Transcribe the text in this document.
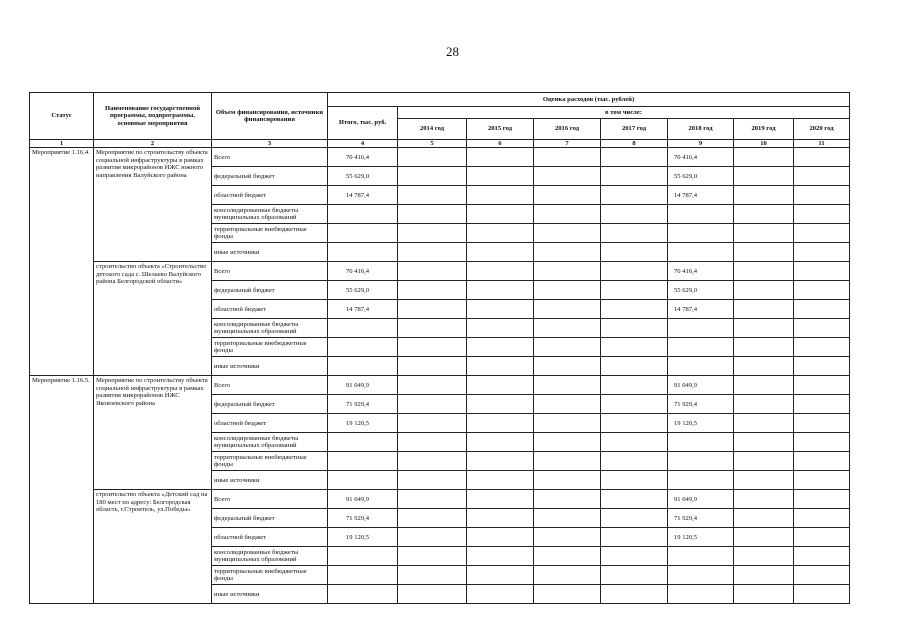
28
Статус	Наименование государственной программы, подпрограммы, основные мероприятия	Объем финансирования, источники финансирования	Оценка расходов (тыс. рублей)							
			Итого, тыс. руб.	в том числе:						
				2014 год	2015 год	2016 год	2017 год	2018 год	2019 год	2020 год
1	2	3	4	5	6	7	8	9	10	11
Мероприятие 1.16.4.	Мероприятие по строительству объекта социальной инфраструктуры в рамках развития микрорайонов ИЖС южного направления Валуйского района	Всего	70 416,4					70 416,4		
		федеральный бюджет	55 629,0					55 629,0		
		областной бюджет	14 787,4					14 787,4		
		консолидированные бюджеты муниципальных образований								
		территориальные внебюджетные фонды								
		иные источники								
	строительство объекта «Строительство детского сада с. Шелаево Валуйского района Белгородской области»	Всего	70 416,4					70 416,4		
		федеральный бюджет	55 629,0					55 629,0		
		областной бюджет	14 787,4					14 787,4		
		консолидированные бюджеты муниципальных образований								
		территориальные внебюджетные фонды								
		иные источники								
Мероприятие 1.16.5.	Мероприятие по строительству объекта социальной инфраструктуры в рамках развития микрорайонов ИЖС Яковлевского района	Всего	91 049,9					91 049,9		
		федеральный бюджет	71 929,4					71 929,4		
		областной бюджет	19 120,5					19 120,5		
		консолидированные бюджеты муниципальных образований								
		территориальные внебюджетные фонды								
		иные источники								
	строительство объекта «Детский сад на 180 мест по адресу: Белгородская область, г.Строитель, ул.Победы»	Всего	91 049,9					91 049,9		
		федеральный бюджет	71 929,4					71 929,4		
		областной бюджет	19 120,5					19 120,5		
		консолидированные бюджеты муниципальных образований								
		территориальные внебюджетные фонды								
		иные источники								
